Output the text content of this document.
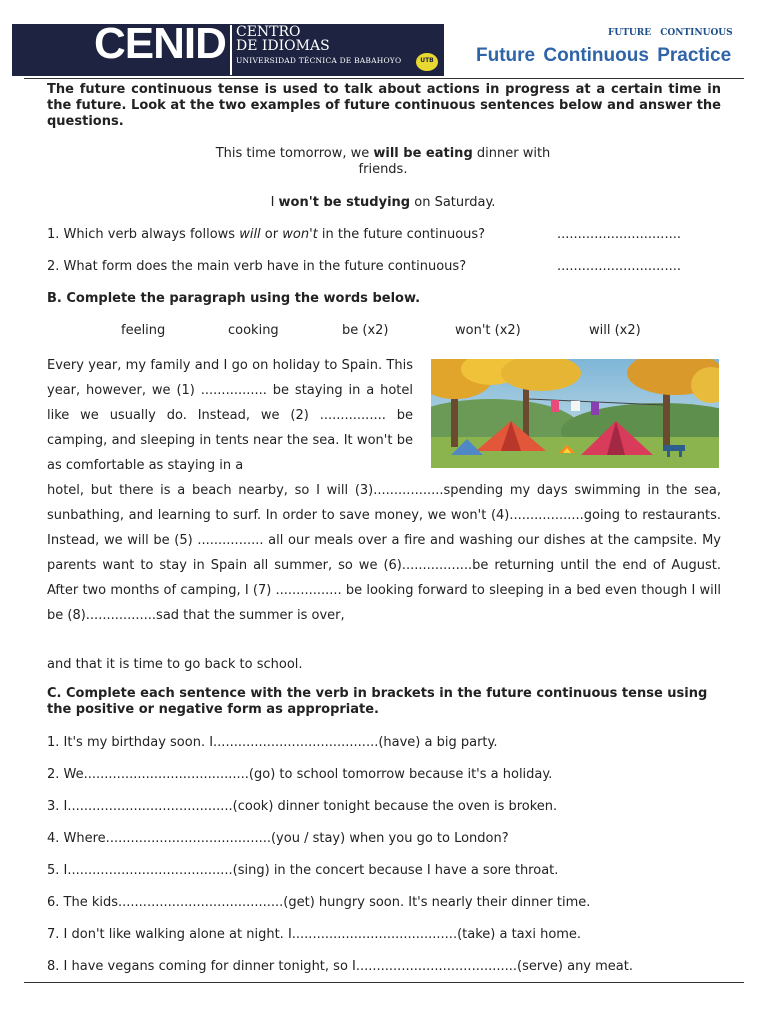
CENID CENTRO
DE IDIOMAS
UNIVERSIDAD TÉCNICA DE BABAHOYO	UTB
FUTURE CONTINUOUS
Future Continuous Practice
The future continuous tense is used to talk about actions in progress at a certain time in the future. Look at the two examples of future continuous sentences below and answer the questions.
This time tomorrow, we will be eating dinner with friends.
I won't be studying on Saturday.
1. Which verb always follows will or won't in the future continuous?	..............................
2. What form does the main verb have in the future continuous?	..............................
B. Complete the paragraph using the words below.
feeling	cooking	be (x2)	won't (x2)	will (x2)
Every year, my family and I go on holiday to Spain. This year, however, we (1) ................ be staying in a hotel like we usually do. Instead, we (2) ................ be camping, and sleeping in tents near the sea. It won't be as comfortable as staying in a
hotel, but there is a beach nearby, so I will (3).................spending my days swimming in the sea, sunbathing, and learning to surf. In order to save money, we won't (4)..................going to restaurants. Instead, we will be (5) ................ all our meals over a fire and washing our dishes at the campsite. My parents want to stay in Spain all summer, so we (6).................be returning until the end of August. After two months of camping, I (7) ................ be looking forward to sleeping in a bed even though I will be (8).................sad that the summer is over,
and that it is time to go back to school.
C. Complete each sentence with the verb in brackets in the future continuous tense using the positive or negative form as appropriate.
1. It's my birthday soon. I........................................(have) a big party.
2. We........................................(go) to school tomorrow because it's a holiday.
3. I........................................(cook) dinner tonight because the oven is broken.
4. Where........................................(you / stay) when you go to London?
5. I........................................(sing) in the concert because I have a sore throat.
6. The kids........................................(get) hungry soon. It's nearly their dinner time.
7. I don't like walking alone at night. I........................................(take) a taxi home.
8. I have vegans coming for dinner tonight, so I.......................................(serve) any meat.
